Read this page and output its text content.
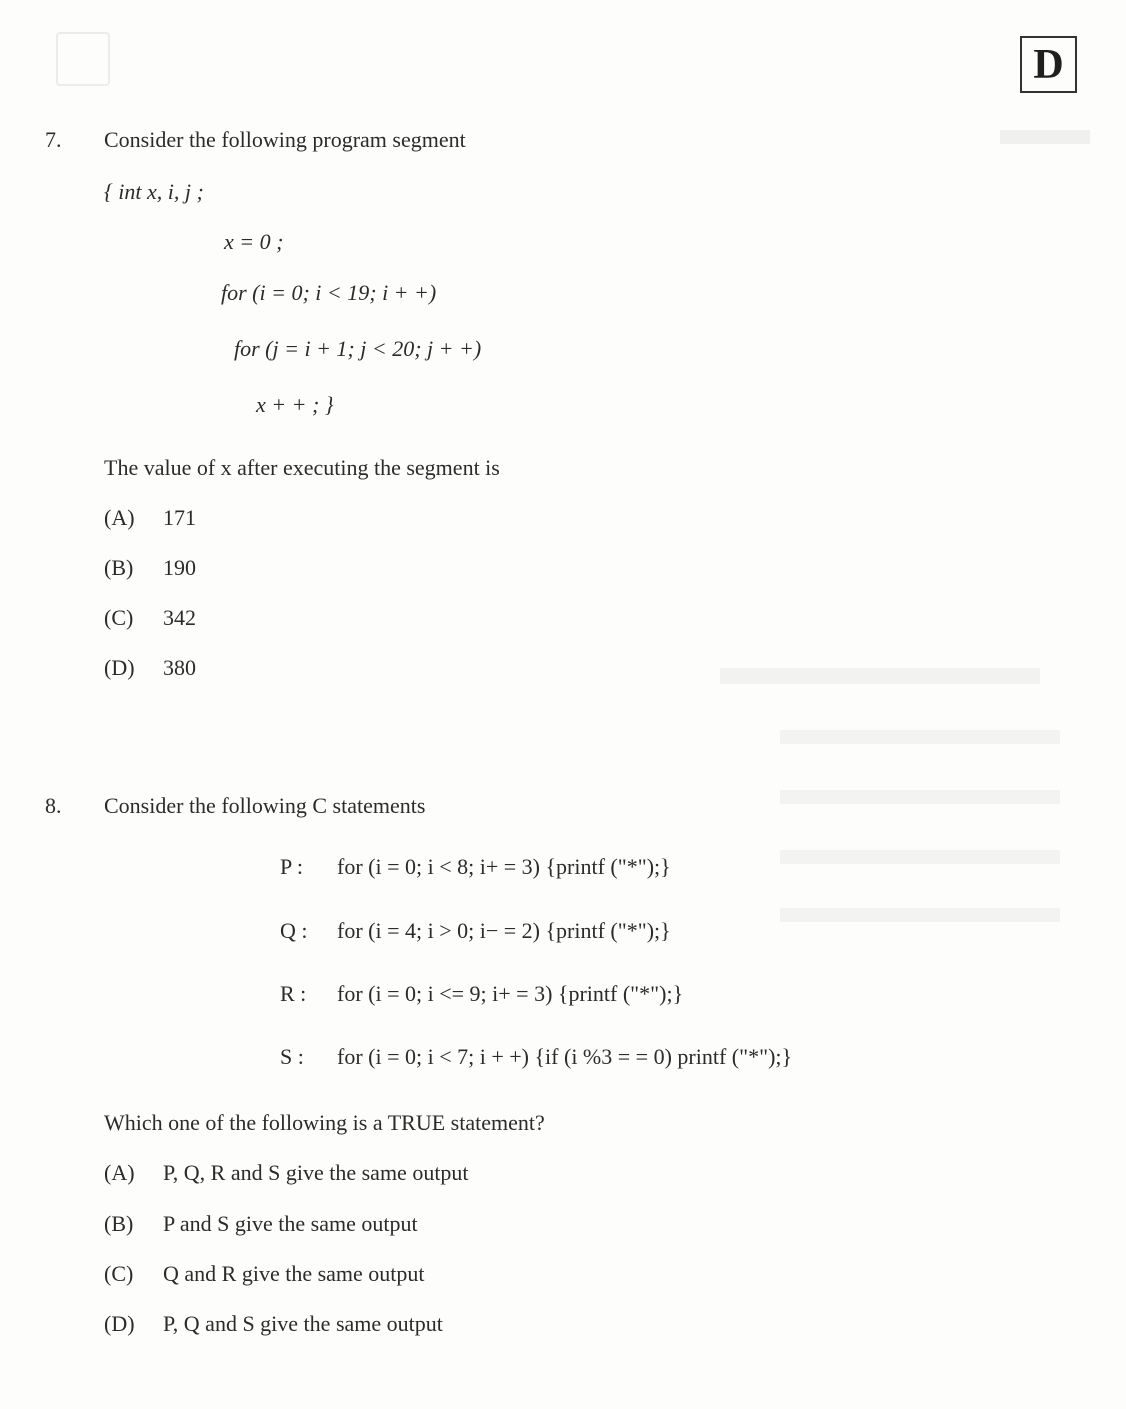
D
7. Consider the following program segment
{ int x, i, j ;
x = 0 ;
for (i = 0; i < 19; i + +)
for (j = i + 1; j < 20; j + +)
x + + ; }
The value of x after executing the segment is
(A) 171
(B) 190
(C) 342
(D) 380
8. Consider the following C statements
P : for (i = 0; i < 8; i+ = 3) {printf ("*");}
Q : for (i = 4; i > 0; i− = 2) {printf ("*");}
R : for (i = 0; i <= 9; i+ = 3) {printf ("*");}
S : for (i = 0; i < 7; i + +) {if (i %3 = = 0) printf ("*");}
Which one of the following is a TRUE statement?
(A) P, Q, R and S give the same output
(B) P and S give the same output
(C) Q and R give the same output
(D) P, Q and S give the same output
